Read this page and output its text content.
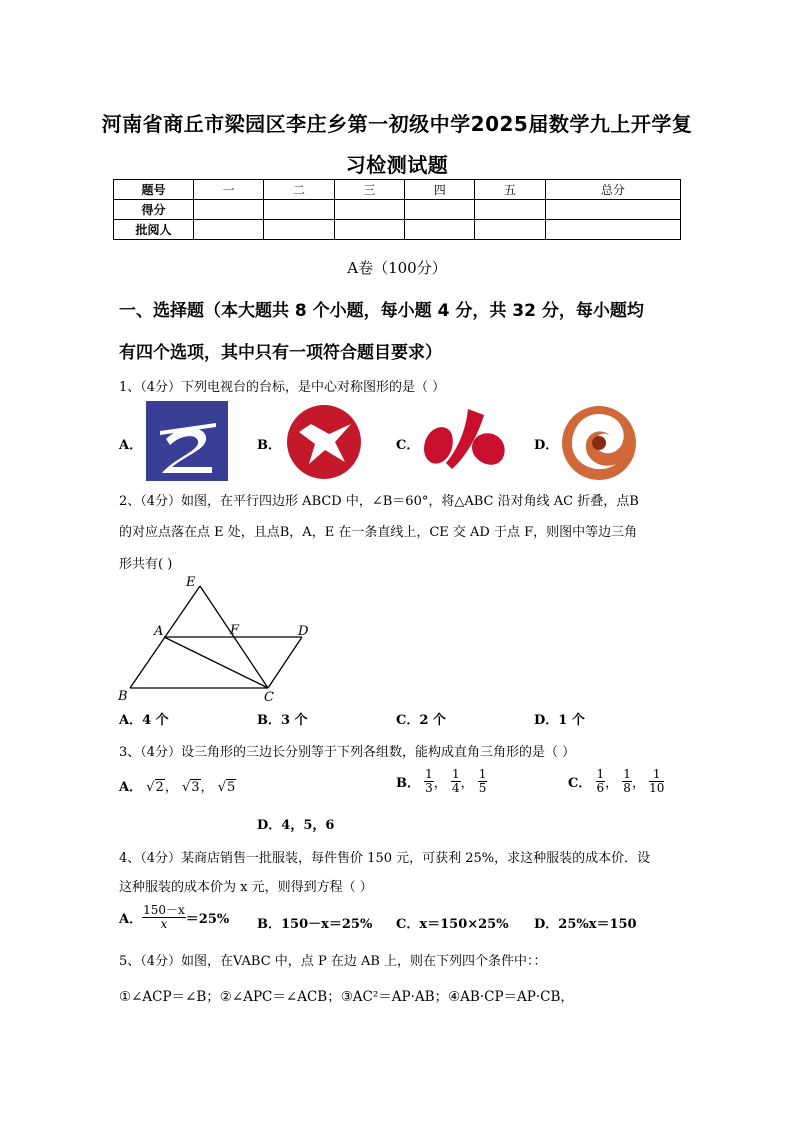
河南省商丘市梁园区李庄乡第一初级中学2025届数学九上开学复
习检测试题
题号	一	二	三	四	五	总分
得分						
批阅人						
A卷（100分）
一、选择题（本大题共 8 个小题，每小题 4 分，共 32 分，每小题均
有四个选项，其中只有一项符合题目要求）
1、（4分）下列电视台的台标，是中心对称图形的是（ ）
A．	B．	C．	D．
2、（4分）如图，在平行四边形 ABCD 中，∠B＝60°，将△ABC 沿对角线 AC 折叠，点B
的对应点落在点 E 处，且点B，A，E 在一条直线上，CE 交 AD 于点 F，则图中等边三角
形共有( )
E
A	F	D
B	C
A．4 个	B．3 个	C．2 个	D．1 个
3、（4分）设三角形的三边长分别等于下列各组数，能构成直角三角形的是（ ）
A． √2， √3， √5	B． $\frac{1}{3}$ ， $\frac{1}{4}$ ， $\frac{1}{5}$	C． $\frac{1}{6}$ ， $\frac{1}{8}$ ， $\frac{1}{10}$
D．4，5，6
4、（4分）某商店销售一批服装，每件售价 150 元，可获利 25%，求这种服装的成本价．设
这种服装的成本价为 x 元，则得到方程（ ）
A． $\frac{150-x}{x} =25\%$ B．150－x＝25% C．x＝150×25% D．25%x＝150
5、（4分）如图，在VABC 中，点 P 在边 AB 上，则在下列四个条件中：：
①∠ACP＝∠B；②∠APC＝∠ACB；③AC²＝AP·AB；④AB·CP＝AP·CB，
